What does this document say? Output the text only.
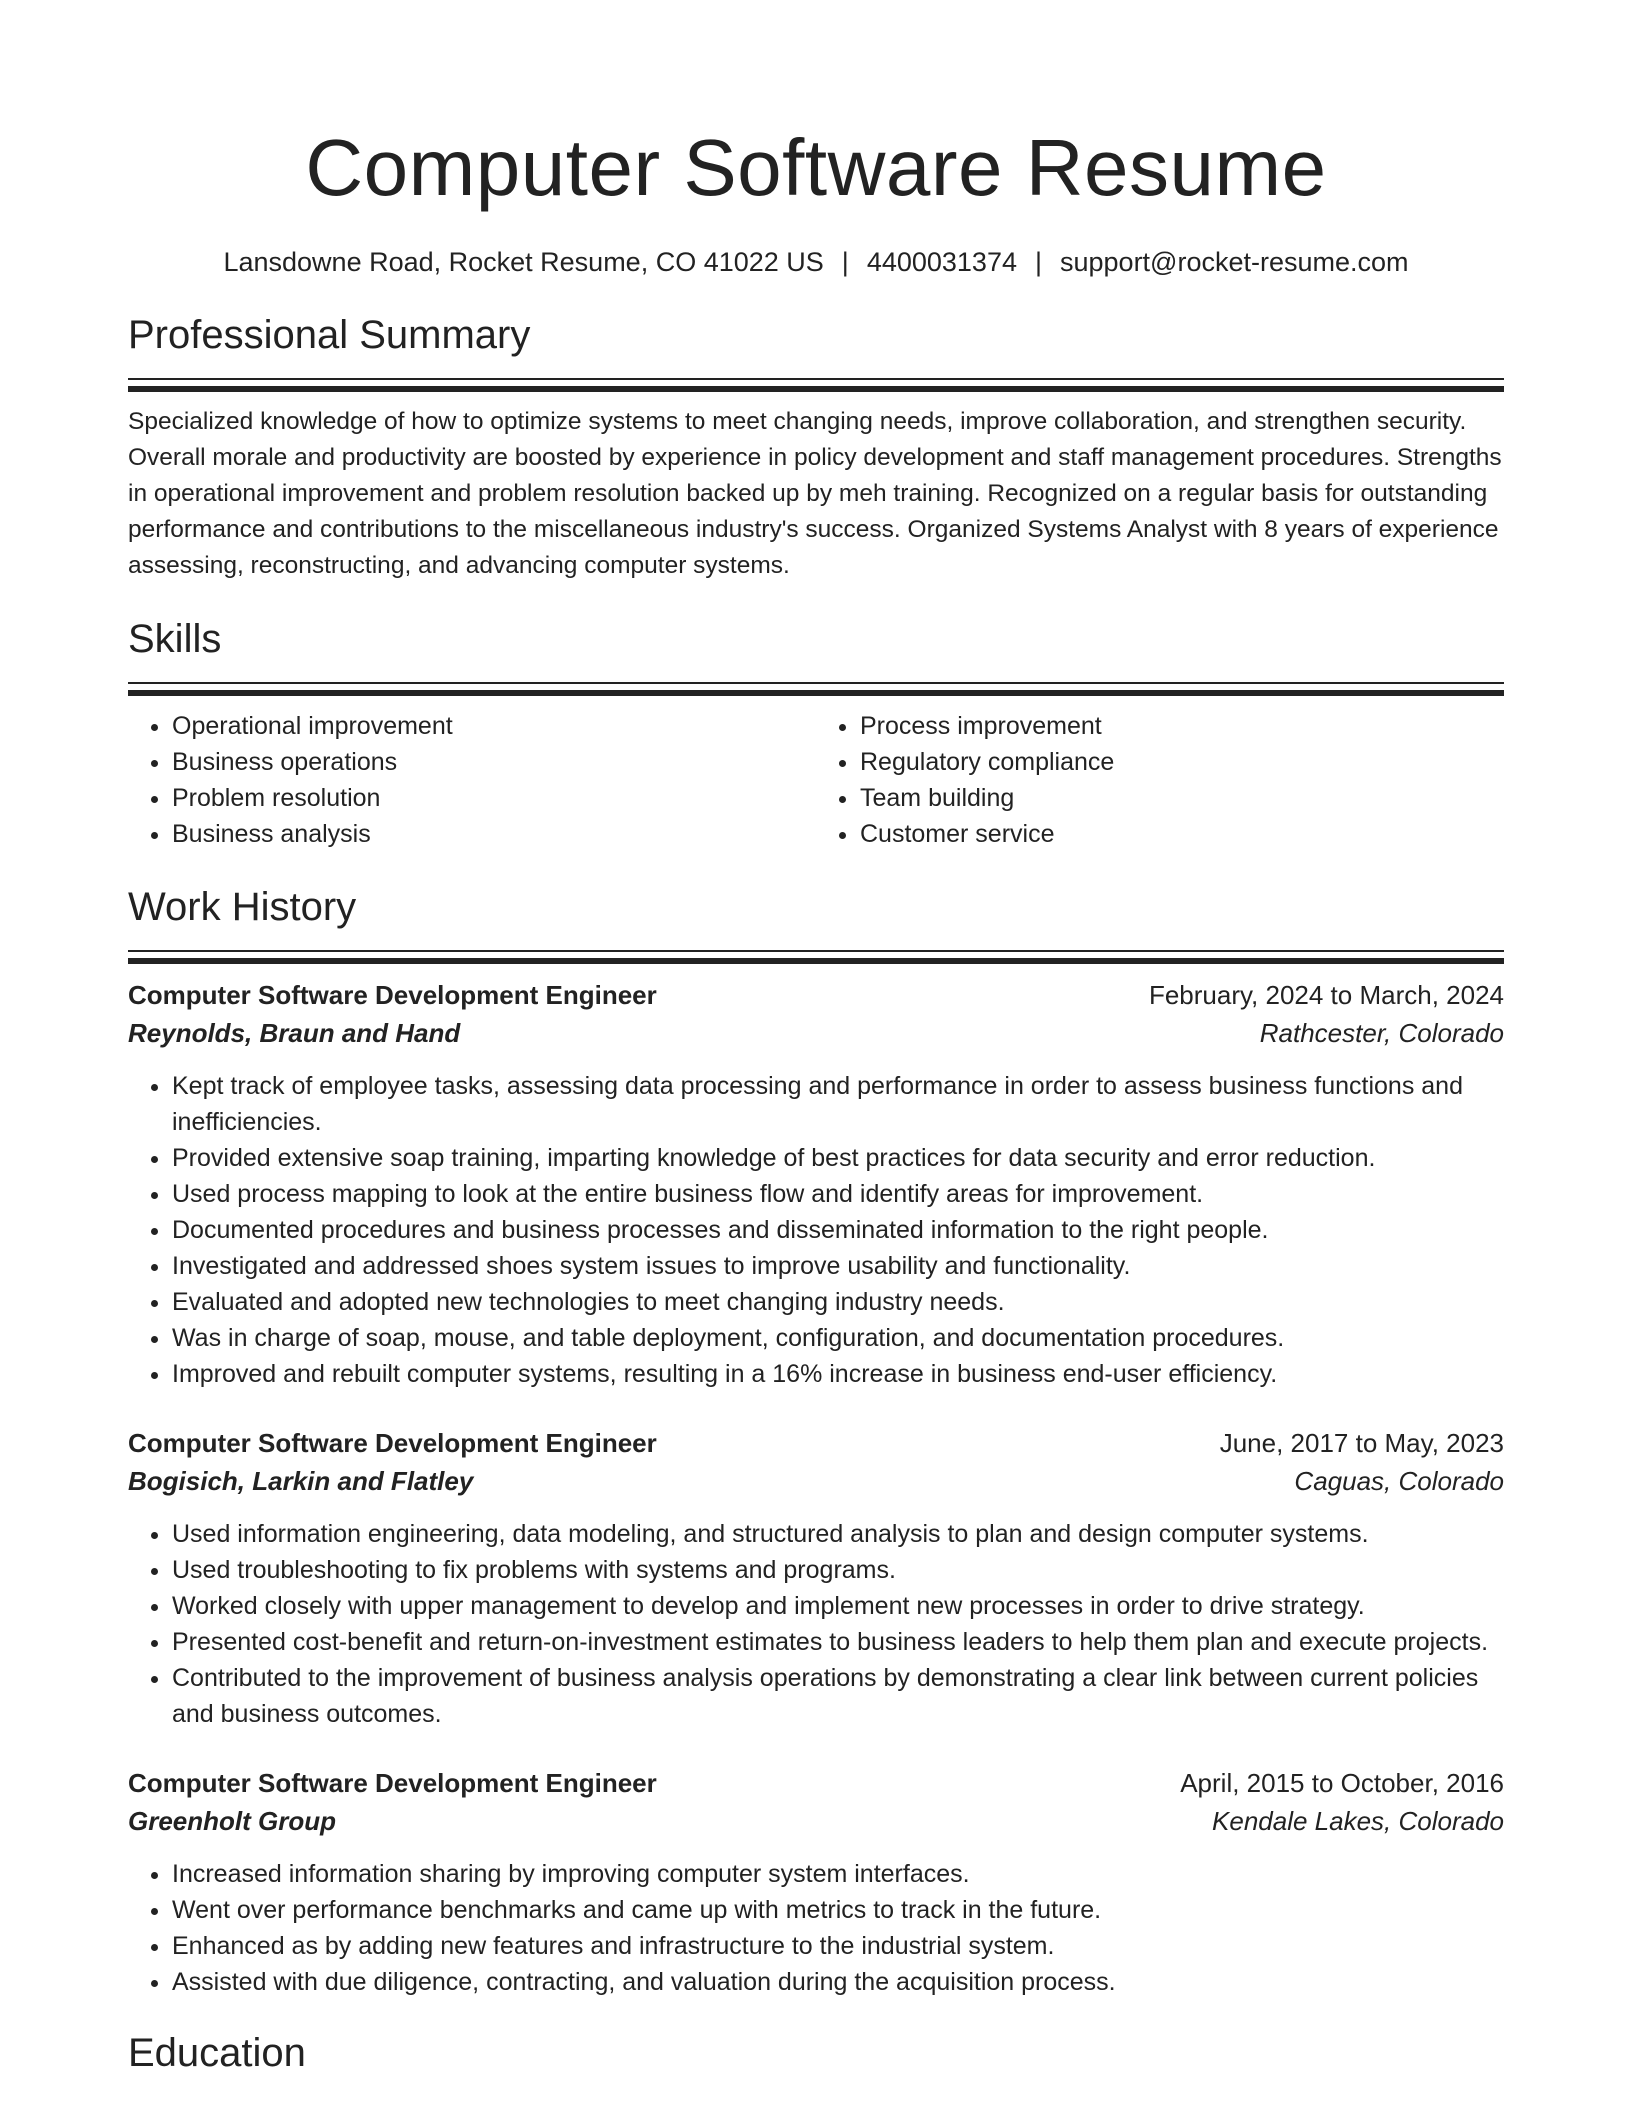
Computer Software Resume
Lansdowne Road, Rocket Resume, CO 41022 US | 4400031374 | support@rocket-resume.com
Professional Summary

Specialized knowledge of how to optimize systems to meet changing needs, improve collaboration, and strengthen security. Overall morale and productivity are boosted by experience in policy development and staff management procedures. Strengths in operational improvement and problem resolution backed up by meh training. Recognized on a regular basis for outstanding performance and contributions to the miscellaneous industry's success. Organized Systems Analyst with 8 years of experience assessing, reconstructing, and advancing computer systems.

Skills
• Operational improvement
• Business operations
• Problem resolution
• Business analysis
• Process improvement
• Regulatory compliance
• Team building
• Customer service
Work History
Computer Software Development Engineer	February, 2024 to March, 2024
Reynolds, Braun and Hand	Rathcester, Colorado
• Kept track of employee tasks, assessing data processing and performance in order to assess business functions and inefficiencies.
• Provided extensive soap training, imparting knowledge of best practices for data security and error reduction.
• Used process mapping to look at the entire business flow and identify areas for improvement.
• Documented procedures and business processes and disseminated information to the right people.
• Investigated and addressed shoes system issues to improve usability and functionality.
• Evaluated and adopted new technologies to meet changing industry needs.
• Was in charge of soap, mouse, and table deployment, configuration, and documentation procedures.
• Improved and rebuilt computer systems, resulting in a 16% increase in business end-user efficiency.
Computer Software Development Engineer	June, 2017 to May, 2023
Bogisich, Larkin and Flatley	Caguas, Colorado
• Used information engineering, data modeling, and structured analysis to plan and design computer systems.
• Used troubleshooting to fix problems with systems and programs.
• Worked closely with upper management to develop and implement new processes in order to drive strategy.
• Presented cost-benefit and return-on-investment estimates to business leaders to help them plan and execute projects.
• Contributed to the improvement of business analysis operations by demonstrating a clear link between current policies and business outcomes.
Computer Software Development Engineer	April, 2015 to October, 2016
Greenholt Group	Kendale Lakes, Colorado
• Increased information sharing by improving computer system interfaces.
• Went over performance benchmarks and came up with metrics to track in the future.
• Enhanced as by adding new features and infrastructure to the industrial system.
• Assisted with due diligence, contracting, and valuation during the acquisition process.
Education
